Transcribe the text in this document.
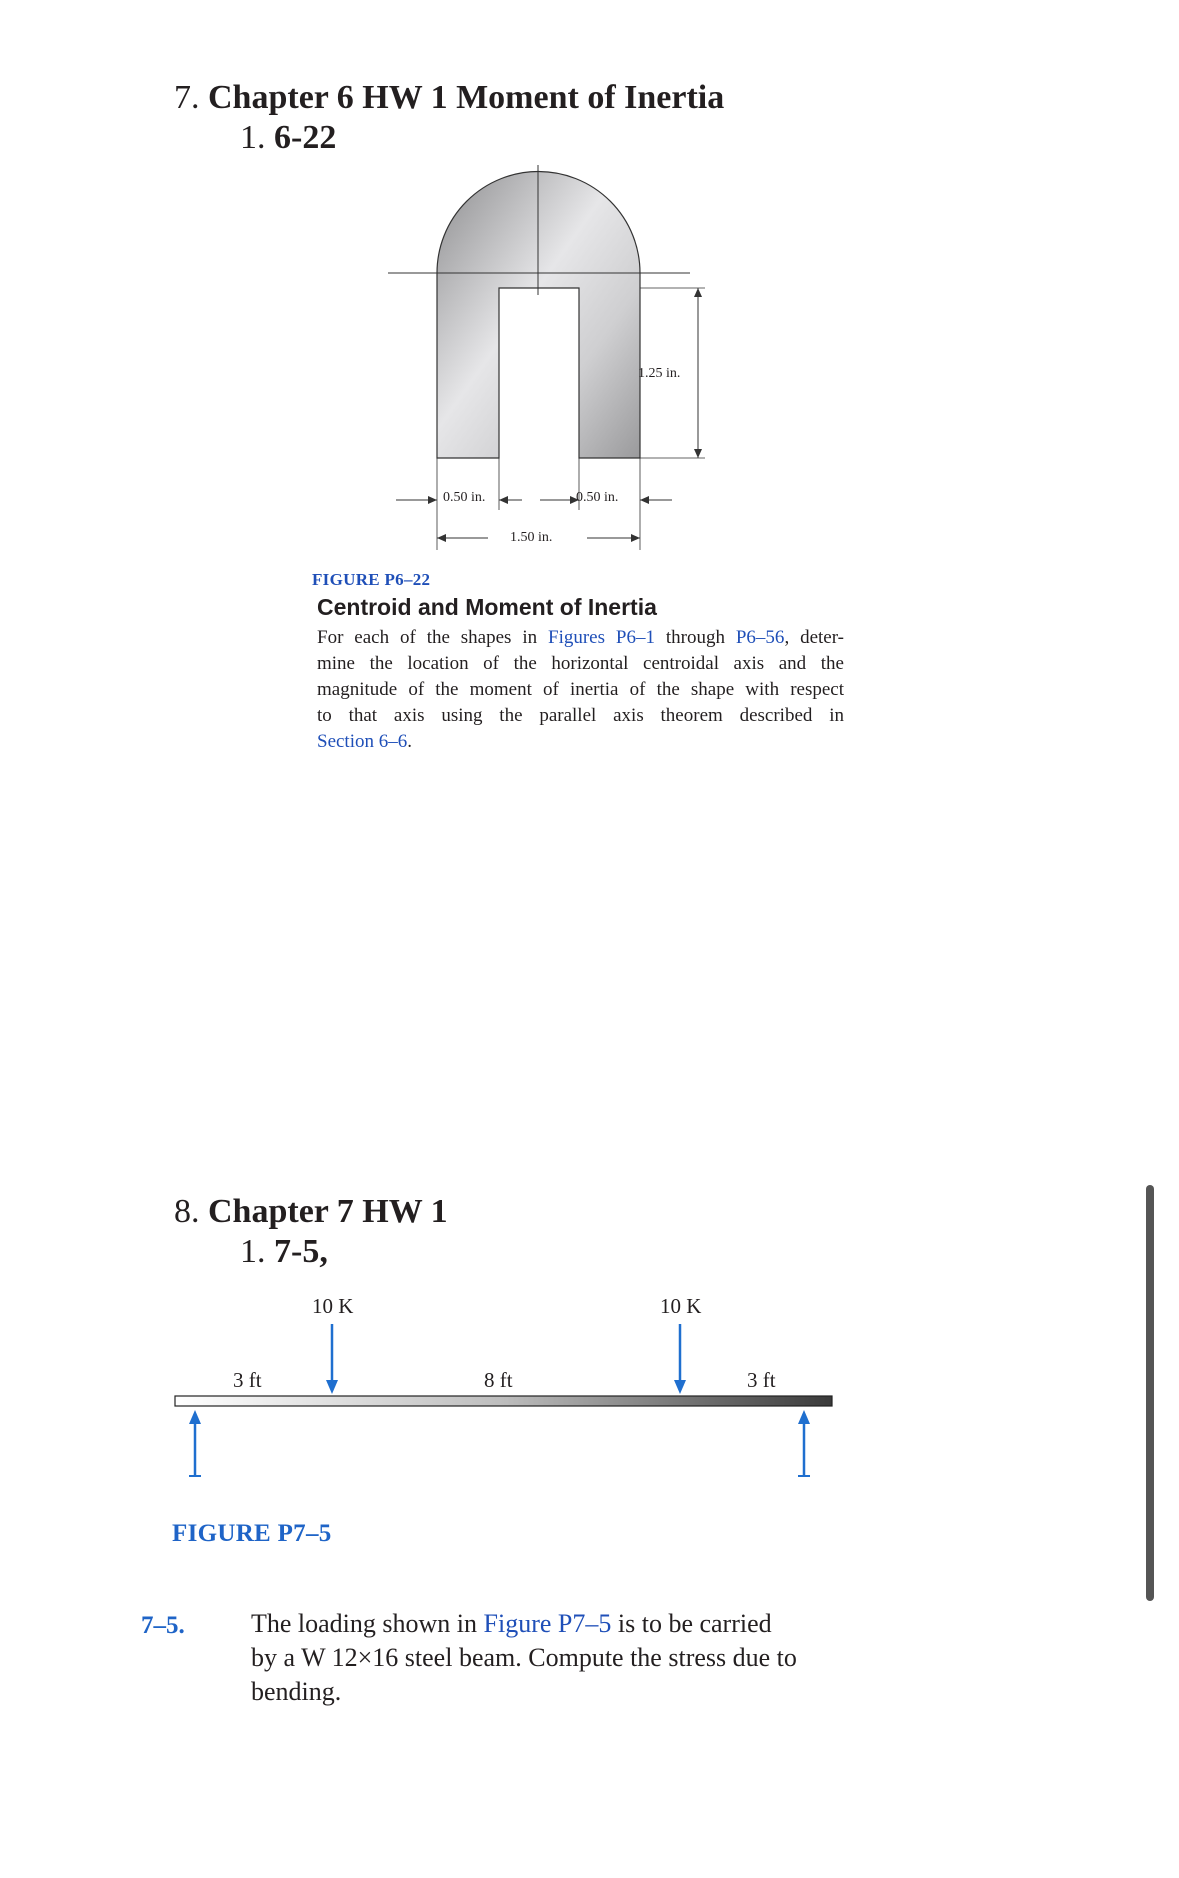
7. Chapter 6 HW 1 Moment of Inertia
1. 6-22
1.25 in.
0.50 in.	0.50 in.
1.50 in.
FIGURE P6–22
Centroid and Moment of Inertia
For each of the shapes in Figures P6–1 through P6–56, deter-
mine the location of the horizontal centroidal axis and the
magnitude of the moment of inertia of the shape with respect
to that axis using the parallel axis theorem described in
Section 6–6.
8. Chapter 7 HW 1
1. 7-5,
10 K	10 K
3 ft	8 ft	3 ft
FIGURE P7–5
7–5.	The loading shown in Figure P7–5 is to be carried
by a W 12×16 steel beam. Compute the stress due to
bending.
